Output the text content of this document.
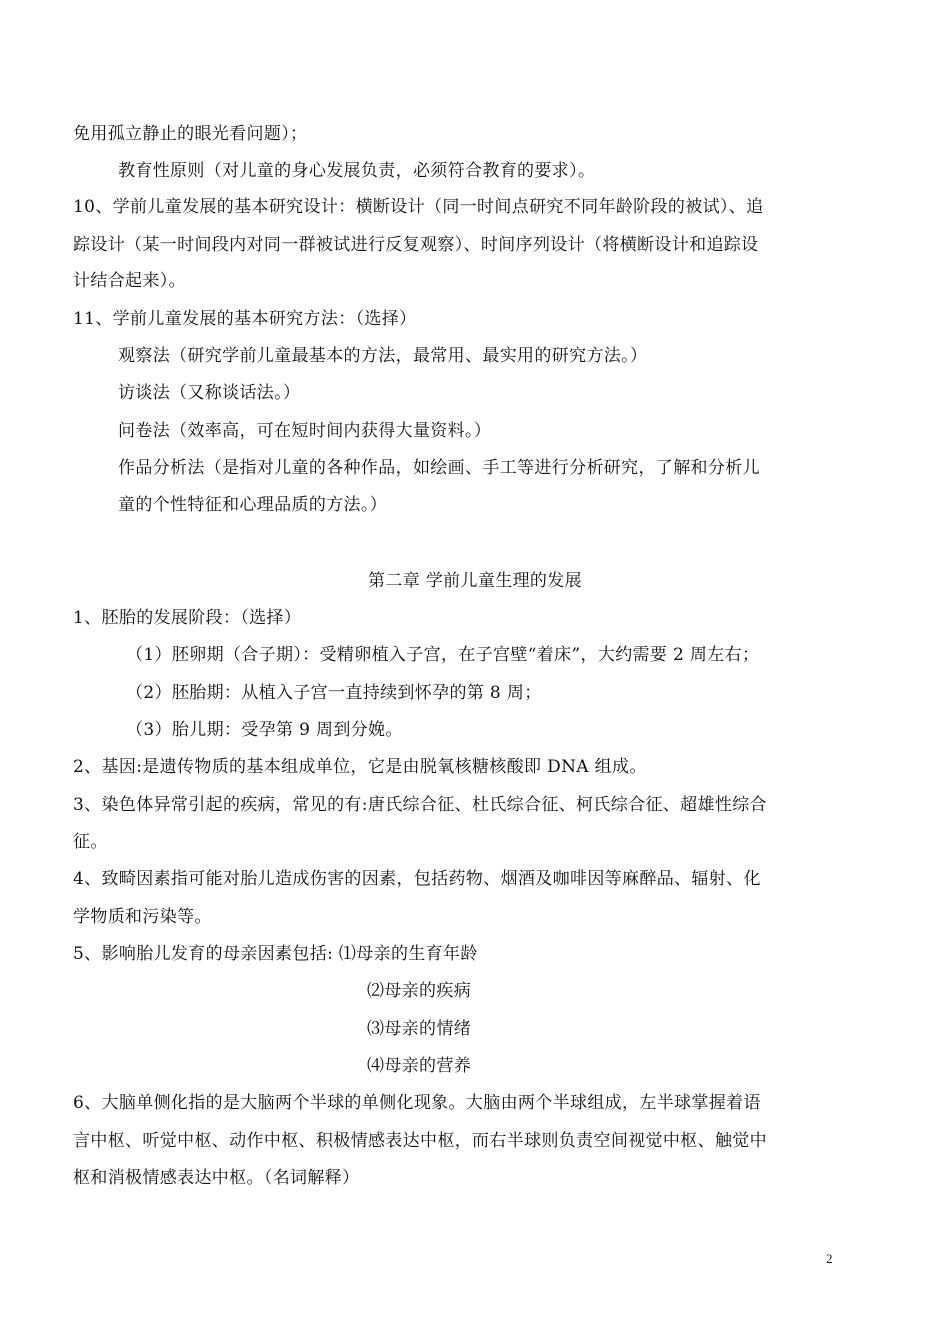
免用孤立静止的眼光看问题）；
教育性原则（对儿童的身心发展负责，必须符合教育的要求）。
10、学前儿童发展的基本研究设计：横断设计（同一时间点研究不同年龄阶段的被试）、追
踪设计（某一时间段内对同一群被试进行反复观察）、时间序列设计（将横断设计和追踪设
计结合起来）。
11、学前儿童发展的基本研究方法：（选择）
观察法（研究学前儿童最基本的方法，最常用、最实用的研究方法。）
访谈法（又称谈话法。）
问卷法（效率高，可在短时间内获得大量资料。）
作品分析法（是指对儿童的各种作品，如绘画、手工等进行分析研究，了解和分析儿
童的个性特征和心理品质的方法。）
第二章 学前儿童生理的发展
1、胚胎的发展阶段：（选择）
（1）胚卵期（合子期）：受精卵植入子宫，在子宫壁“着床”，大约需要 2 周左右；
（2）胚胎期：从植入子宫一直持续到怀孕的第 8 周；
（3）胎儿期：受孕第 9 周到分娩。
2、基因:是遗传物质的基本组成单位，它是由脱氧核糖核酸即 DNA 组成。
3、染色体异常引起的疾病，常见的有:唐氏综合征、杜氏综合征、柯氏综合征、超雄性综合
征。
4、致畸因素指可能对胎儿造成伤害的因素，包括药物、烟酒及咖啡因等麻醉品、辐射、化
学物质和污染等。
5、影响胎儿发育的母亲因素包括: ⑴母亲的生育年龄
⑵母亲的疾病
⑶母亲的情绪
⑷母亲的营养
6、大脑单侧化指的是大脑两个半球的单侧化现象。大脑由两个半球组成，左半球掌握着语
言中枢、听觉中枢、动作中枢、积极情感表达中枢，而右半球则负责空间视觉中枢、触觉中
枢和消极情感表达中枢。（名词解释）
2
